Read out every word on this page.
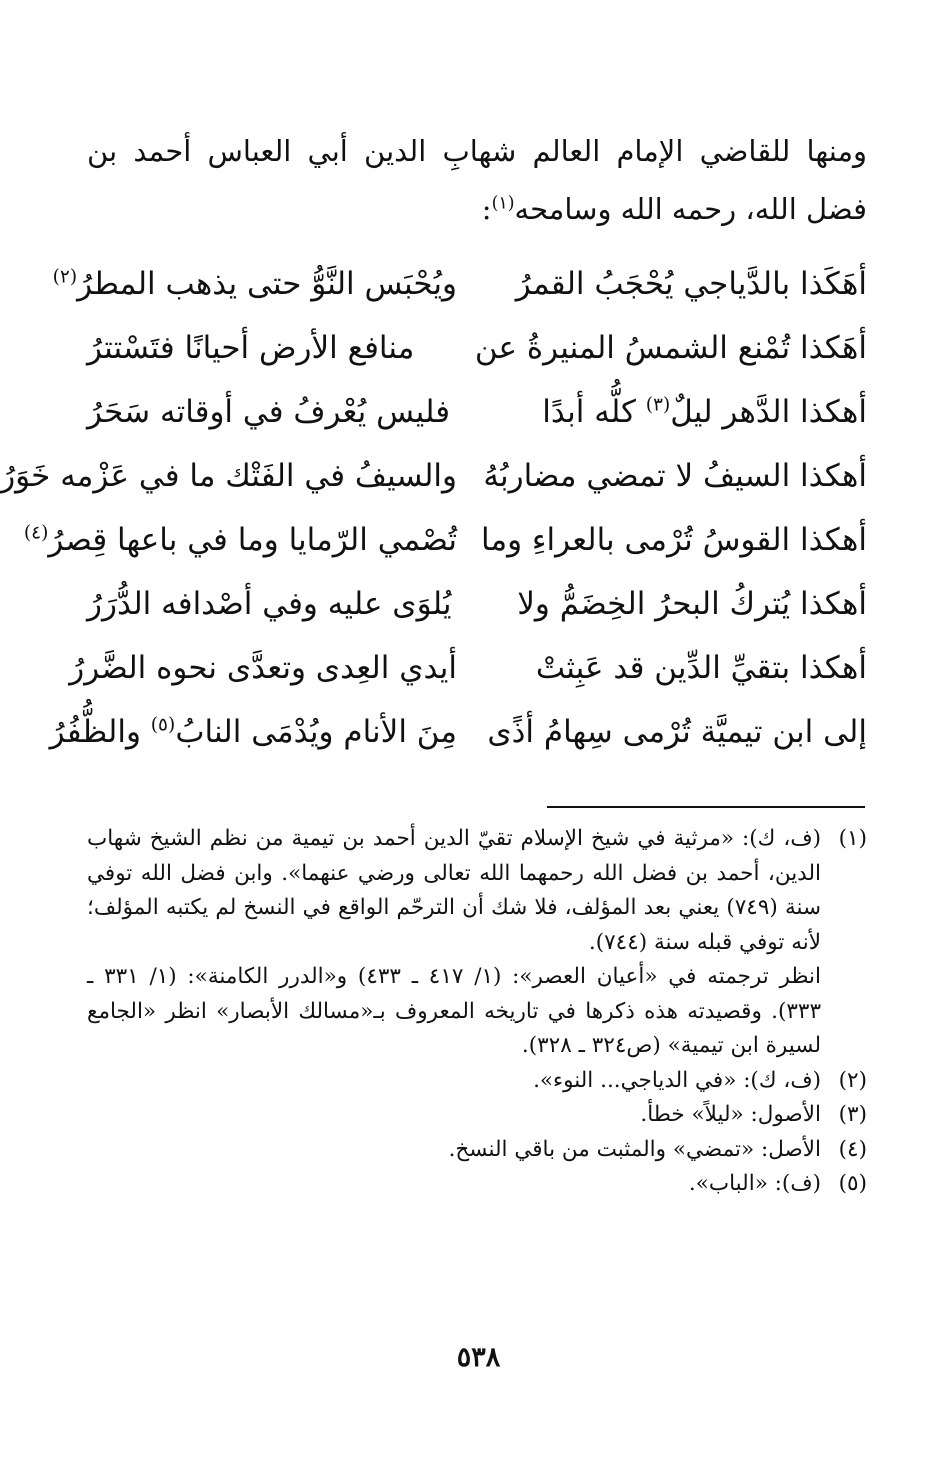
ومنها للقاضي الإمام العالم شهابِ الدين أبي العباس أحمد بن فضل الله، رحمه الله وسامحه$^{(١)}$:

أهَكَذا بالدَّياجي يُحْجَبُ القمرُ
ويُحْبَس النَّوُّ حتى يذهب المطرُ$^{(٢)}$
أهَكذا تُمْنع الشمسُ المنيرةُ عن
منافع الأرض أحيانًا فتَسْتترُ
أهكذا الدَّهر ليلٌ$^{(٣)}$ كلُّه أبدًا
فليس يُعْرفُ في أوقاته سَحَرُ
أهكذا السيفُ لا تمضي مضاربُهُ
والسيفُ في الفَتْك ما في عَزْمه خَوَرُ
أهكذا القوسُ تُرْمى بالعراءِ وما
تُصْمي الرّمايا وما في باعها قِصرُ$^{(٤)}$
أهكذا يُتركُ البحرُ الخِضَمُّ ولا
يُلوَى عليه وفي أصْدافه الدُّرَرُ
أهكذا بتقيِّ الدِّين قد عَبِثتْ
أيدي العِدى وتعدَّى نحوه الضَّررُ
إلى ابن تيميَّة تُرْمى سِهامُ أذًى
مِنَ الأنام ويُدْمَى النابُ$^{(٥)}$ والظُّفُرُ
(١)

(ف، ك): «مرثية في شيخ الإسلام تقيّ الدين أحمد بن تيمية من نظم الشيخ شهاب الدين، أحمد بن فضل الله رحمهما الله تعالى ورضي عنهما». وابن فضل الله توفي سنة (٧٤٩) يعني بعد المؤلف، فلا شك أن الترحّم الواقع في النسخ لم يكتبه المؤلف؛ لأنه توفي قبله سنة (٧٤٤).

انظر ترجمته في «أعيان العصر»: (١/ ٤١٧ ـ ٤٣٣) و«الدرر الكامنة»: (١/ ٣٣١ ـ ٣٣٣). وقصيدته هذه ذكرها في تاريخه المعروف بـ«مسالك الأبصار» انظر «الجامع لسيرة ابن تيمية» (ص٣٢٤ ـ ٣٢٨).

(٢)

(ف، ك): «في الدياجي... النوء».

(٣)

الأصول: «ليلاً» خطأ.

(٤)

الأصل: «تمضي» والمثبت من باقي النسخ.

(٥)

(ف): «الباب».

٥٣٨
